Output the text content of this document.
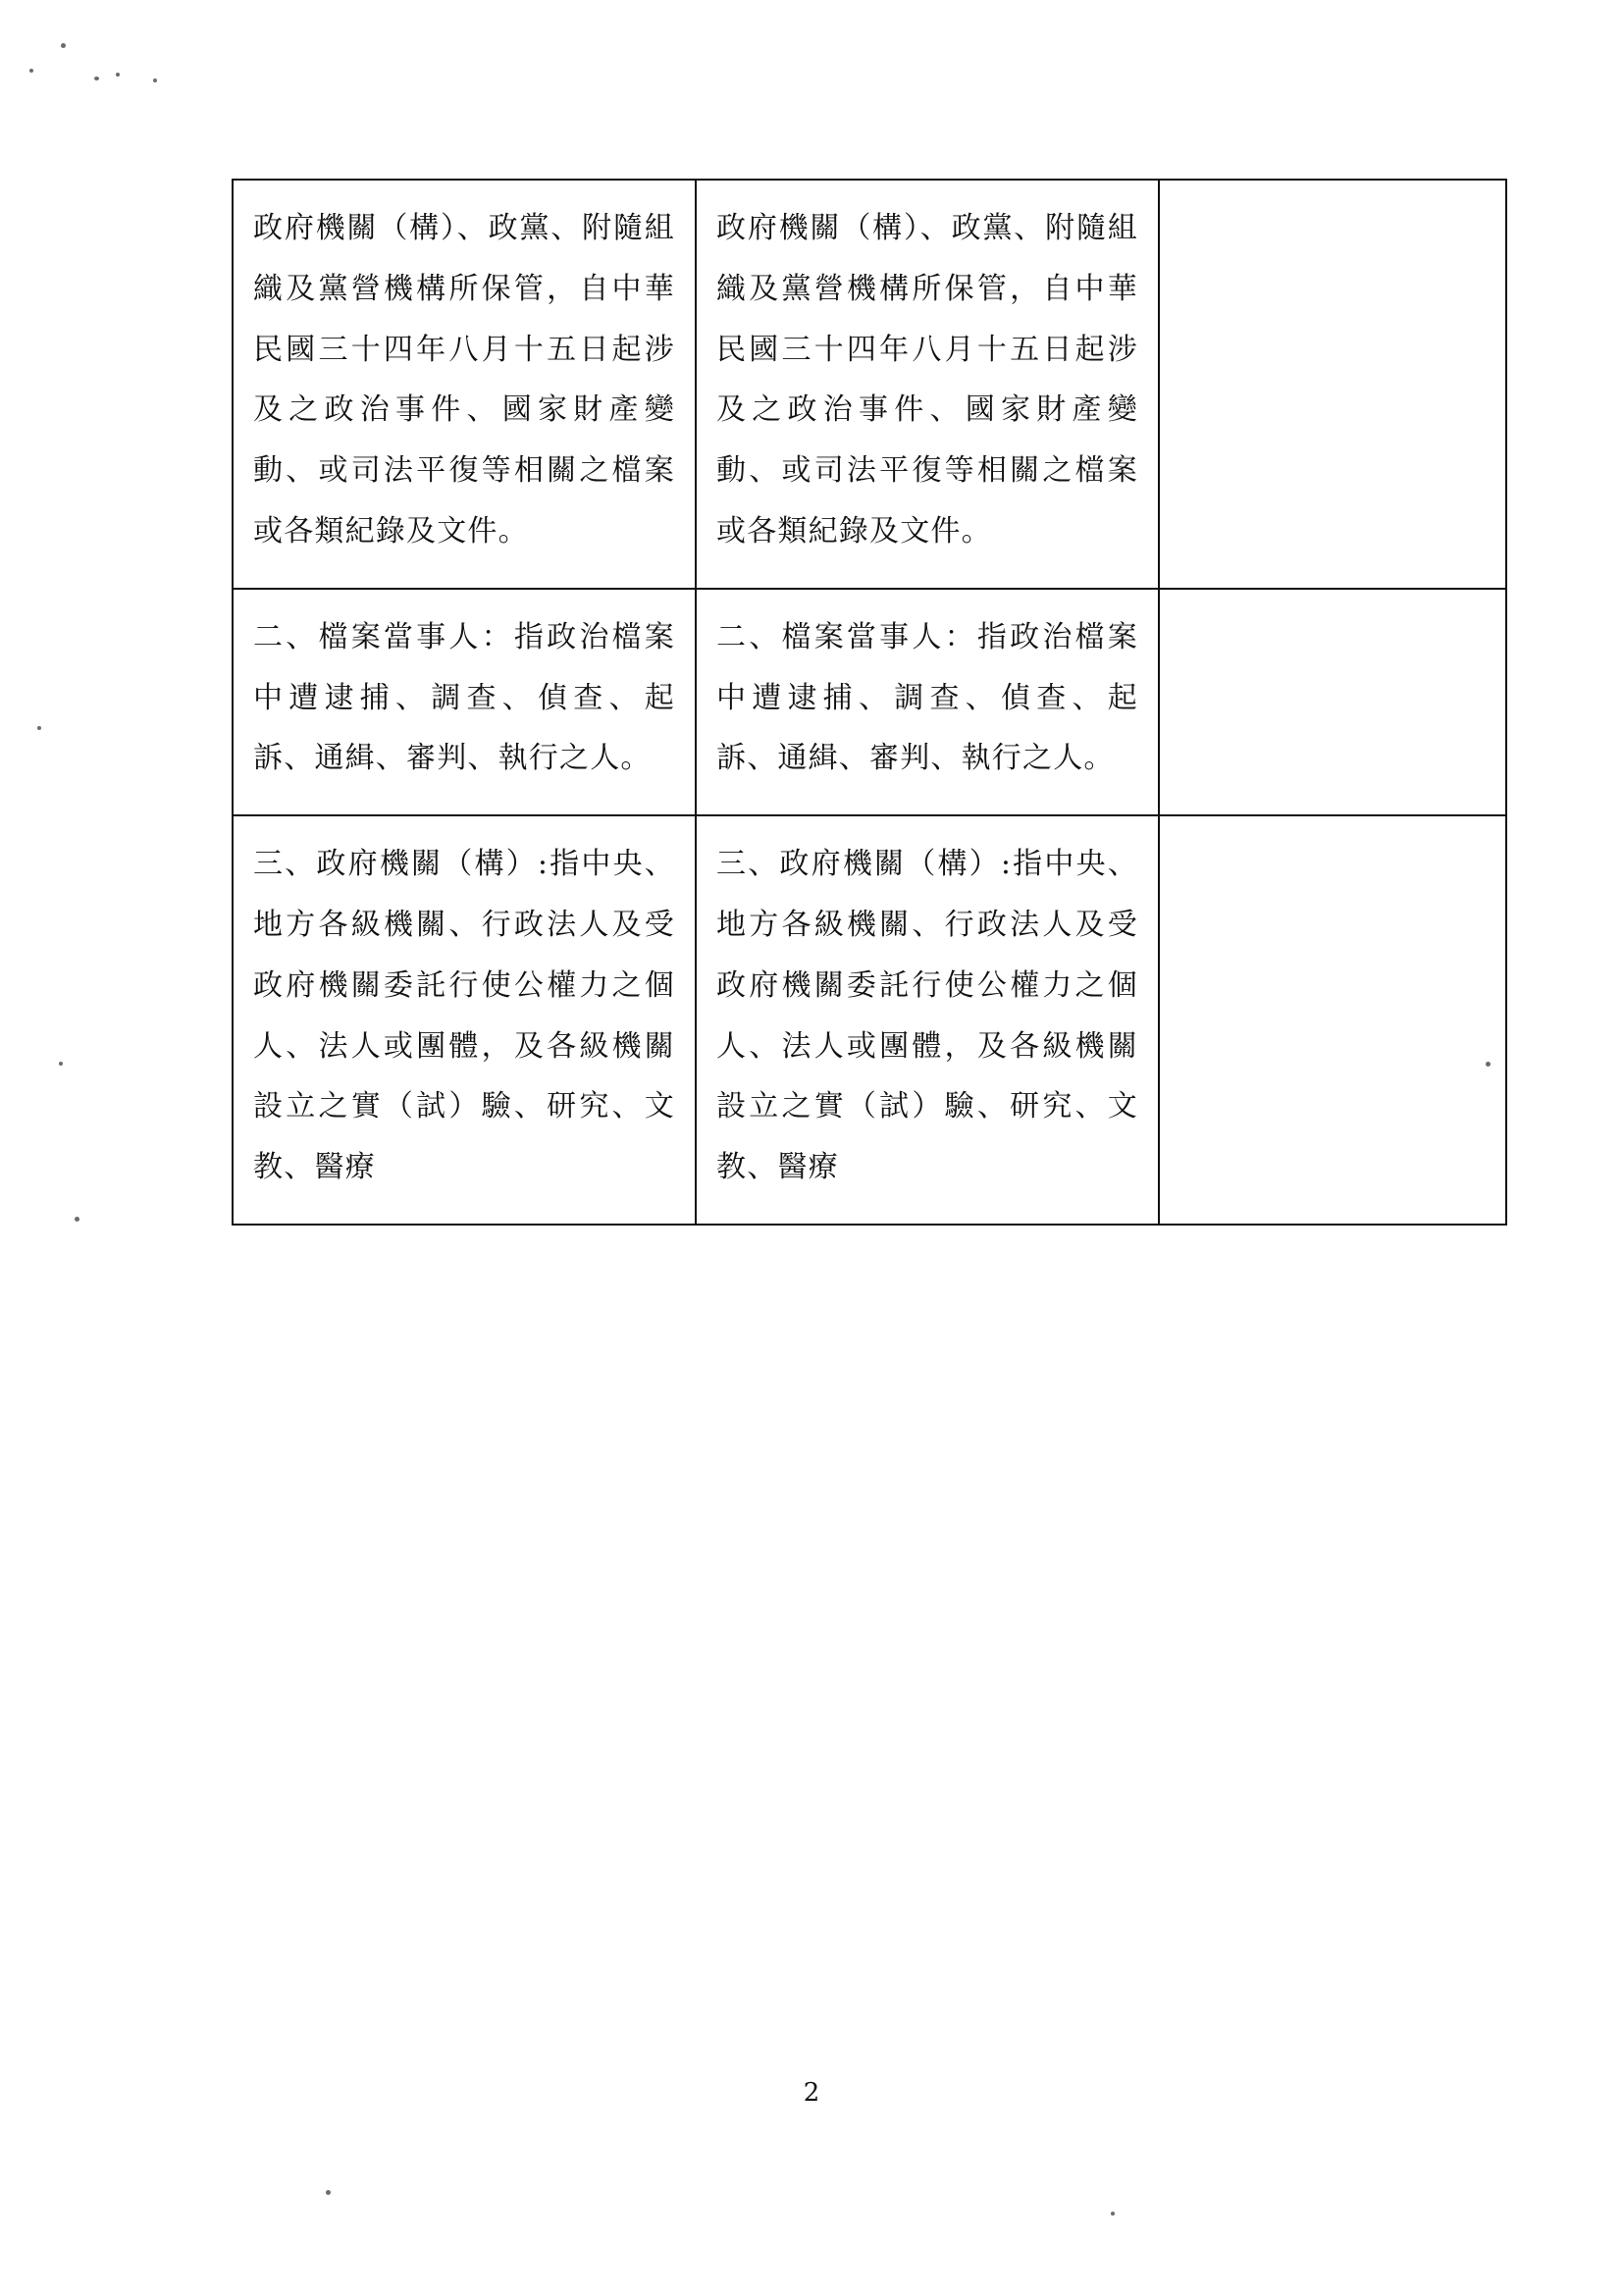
政府機關（構）、政黨、附隨組織及黨營機構所保管，自中華民國三十四年八月十五日起涉及之政治事件、國家財產變動、或司法平復等相關之檔案或各類紀錄及文件。	政府機關（構）、政黨、附隨組織及黨營機構所保管，自中華民國三十四年八月十五日起涉及之政治事件、國家財產變動、或司法平復等相關之檔案或各類紀錄及文件。	

二、檔案當事人：指政治檔案中遭逮捕、調查、偵查、起訴、通緝、審判、執行之人。	二、檔案當事人：指政治檔案中遭逮捕、調查、偵查、起訴、通緝、審判、執行之人。	

三、政府機關（構）:指中央、地方各級機關、行政法人及受政府機關委託行使公權力之個人、法人或團體，及各級機關設立之實（試）驗、研究、文教、醫療	三、政府機關（構）:指中央、地方各級機關、行政法人及受政府機關委託行使公權力之個人、法人或團體，及各級機關設立之實（試）驗、研究、文教、醫療	

2
